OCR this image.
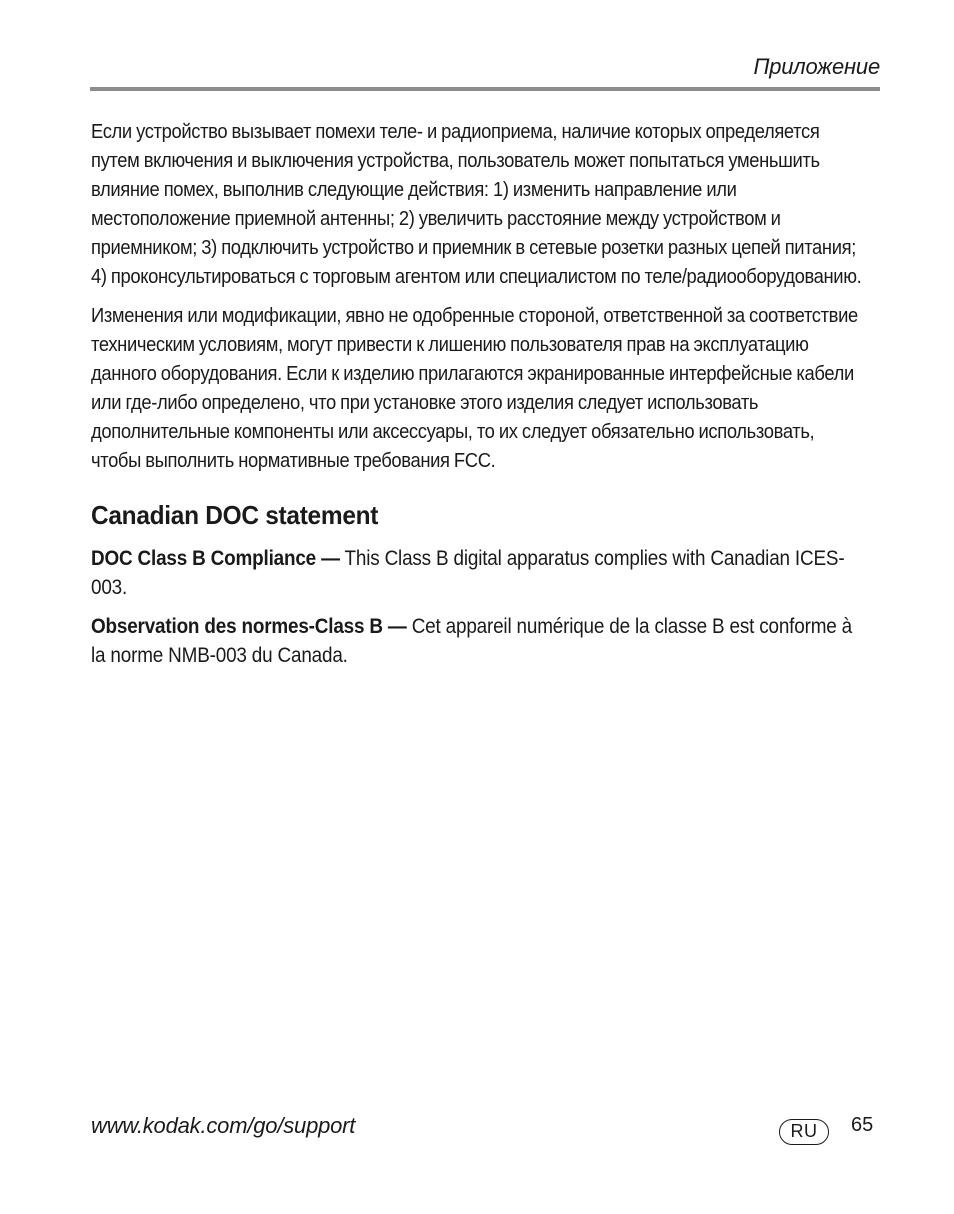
Приложение

Если устройство вызывает помехи теле- и радиоприема, наличие которых определяется путем включения и выключения устройства, пользователь может попытаться уменьшить влияние помех, выполнив следующие действия: 1) изменить направление или местоположение приемной антенны; 2) увеличить расстояние между устройством и приемником; 3) подключить устройство и приемник в сетевые розетки разных цепей питания; 4) проконсультироваться с торговым агентом или специалистом по теле/радиооборудованию.

Изменения или модификации, явно не одобренные стороной, ответственной за соответствие техническим условиям, могут привести к лишению пользователя прав на эксплуатацию данного оборудования. Если к изделию прилагаются экранированные интерфейсные кабели или где-либо определено, что при установке этого изделия следует использовать дополнительные компоненты или аксессуары, то их следует обязательно использовать, чтобы выполнить нормативные требования FCC.

Canadian DOC statement

DOC Class B Compliance — This Class B digital apparatus complies with Canadian ICES-003.

Observation des normes-Class B — Cet appareil numérique de la classe B est conforme à la norme NMB-003 du Canada.

www.kodak.com/go/support	RU	65
